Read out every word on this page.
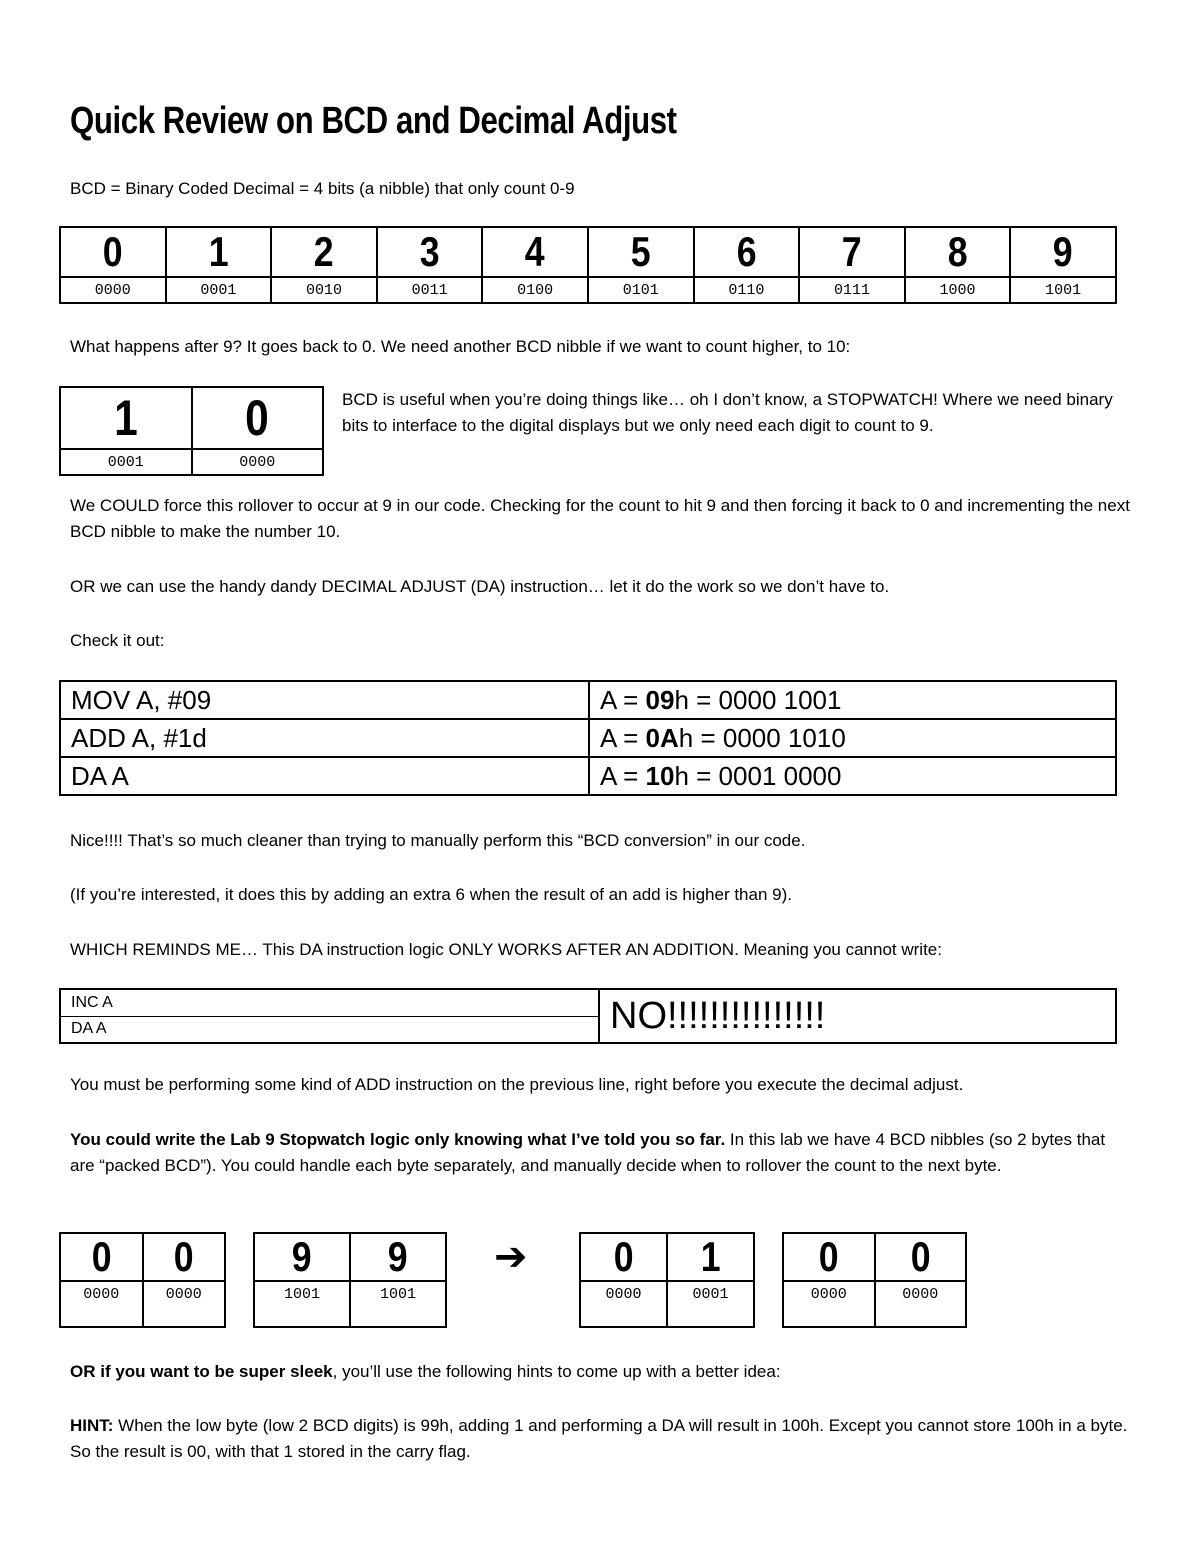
Quick Review on BCD and Decimal Adjust
BCD = Binary Coded Decimal = 4 bits (a nibble) that only count 0-9
0	1	2	3	4	5	6	7	8	9
0000	0001	0010	0011	0100	0101	0110	0111	1000	1001
What happens after 9? It goes back to 0. We need another BCD nibble if we want to count higher, to 10:
1	0
0001	0000
BCD is useful when you’re doing things like… oh I don’t know, a STOPWATCH! Where we need binary bits to interface to the digital displays but we only need each digit to count to 9.
We COULD force this rollover to occur at 9 in our code. Checking for the count to hit 9 and then forcing it back to 0 and incrementing the next BCD nibble to make the number 10.
OR we can use the handy dandy DECIMAL ADJUST (DA) instruction… let it do the work so we don’t have to.
Check it out:
MOV A, #09	A = 09h = 0000 1001
ADD A, #1d	A = 0Ah = 0000 1010
DA A	A = 10h = 0001 0000
Nice!!!! That’s so much cleaner than trying to manually perform this “BCD conversion” in our code.
(If you’re interested, it does this by adding an extra 6 when the result of an add is higher than 9).
WHICH REMINDS ME… This DA instruction logic ONLY WORKS AFTER AN ADDITION. Meaning you cannot write:
INC A	NO!!!!!!!!!!!!!!!
DA A
You must be performing some kind of ADD instruction on the previous line, right before you execute the decimal adjust.
You could write the Lab 9 Stopwatch logic only knowing what I’ve told you so far. In this lab we have 4 BCD nibbles (so 2 bytes that are “packed BCD”). You could handle each byte separately, and manually decide when to rollover the count to the next byte.
0	0
0000	0000
9	9
1001	1001
➔ 0	1
0000	0001
0	0
0000	0000
OR if you want to be super sleek, you’ll use the following hints to come up with a better idea:
HINT: When the low byte (low 2 BCD digits) is 99h, adding 1 and performing a DA will result in 100h. Except you cannot store 100h in a byte. So the result is 00, with that 1 stored in the carry flag.
